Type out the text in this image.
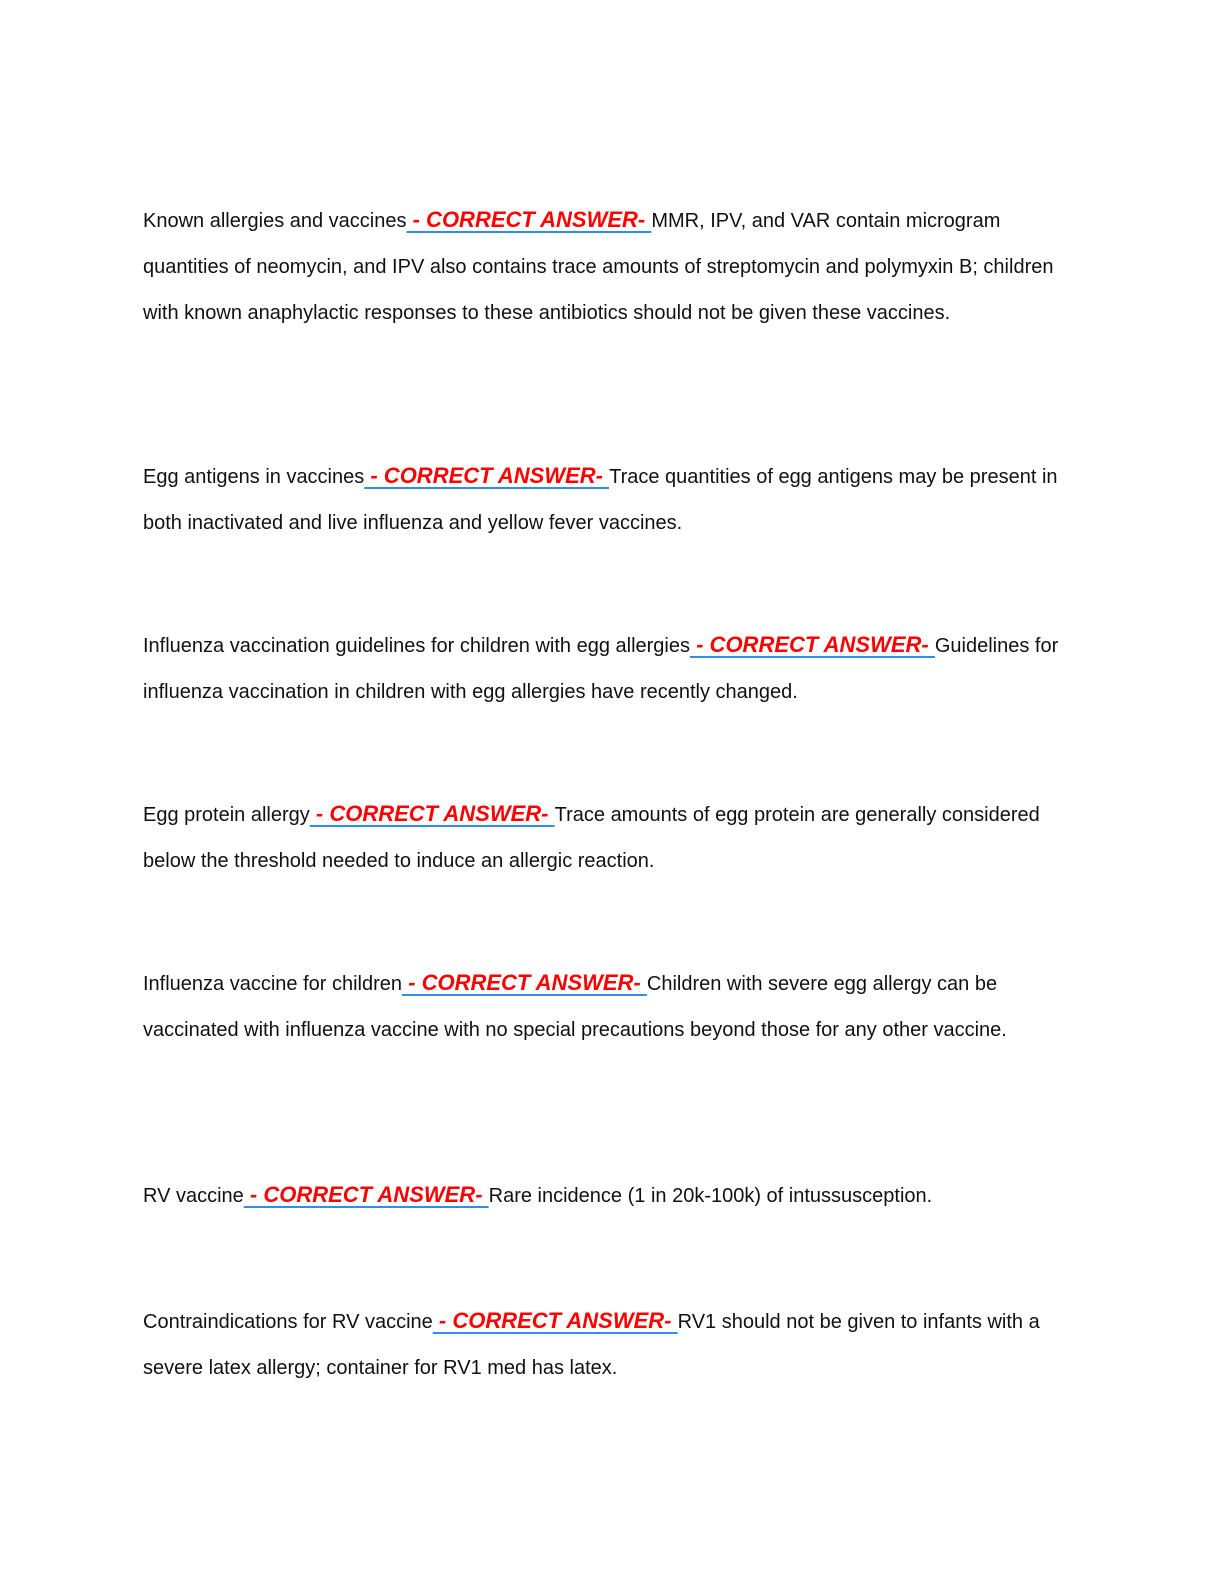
Known allergies and vaccines - CORRECT ANSWER- MMR, IPV, and VAR contain microgram quantities of neomycin, and IPV also contains trace amounts of streptomycin and polymyxin B; children with known anaphylactic responses to these antibiotics should not be given these vaccines.
Egg antigens in vaccines - CORRECT ANSWER- Trace quantities of egg antigens may be present in both inactivated and live influenza and yellow fever vaccines.
Influenza vaccination guidelines for children with egg allergies - CORRECT ANSWER- Guidelines for influenza vaccination in children with egg allergies have recently changed.
Egg protein allergy - CORRECT ANSWER- Trace amounts of egg protein are generally considered below the threshold needed to induce an allergic reaction.
Influenza vaccine for children - CORRECT ANSWER- Children with severe egg allergy can be vaccinated with influenza vaccine with no special precautions beyond those for any other vaccine.
RV vaccine - CORRECT ANSWER- Rare incidence (1 in 20k-100k) of intussusception.
Contraindications for RV vaccine - CORRECT ANSWER- RV1 should not be given to infants with a severe latex allergy; container for RV1 med has latex.
